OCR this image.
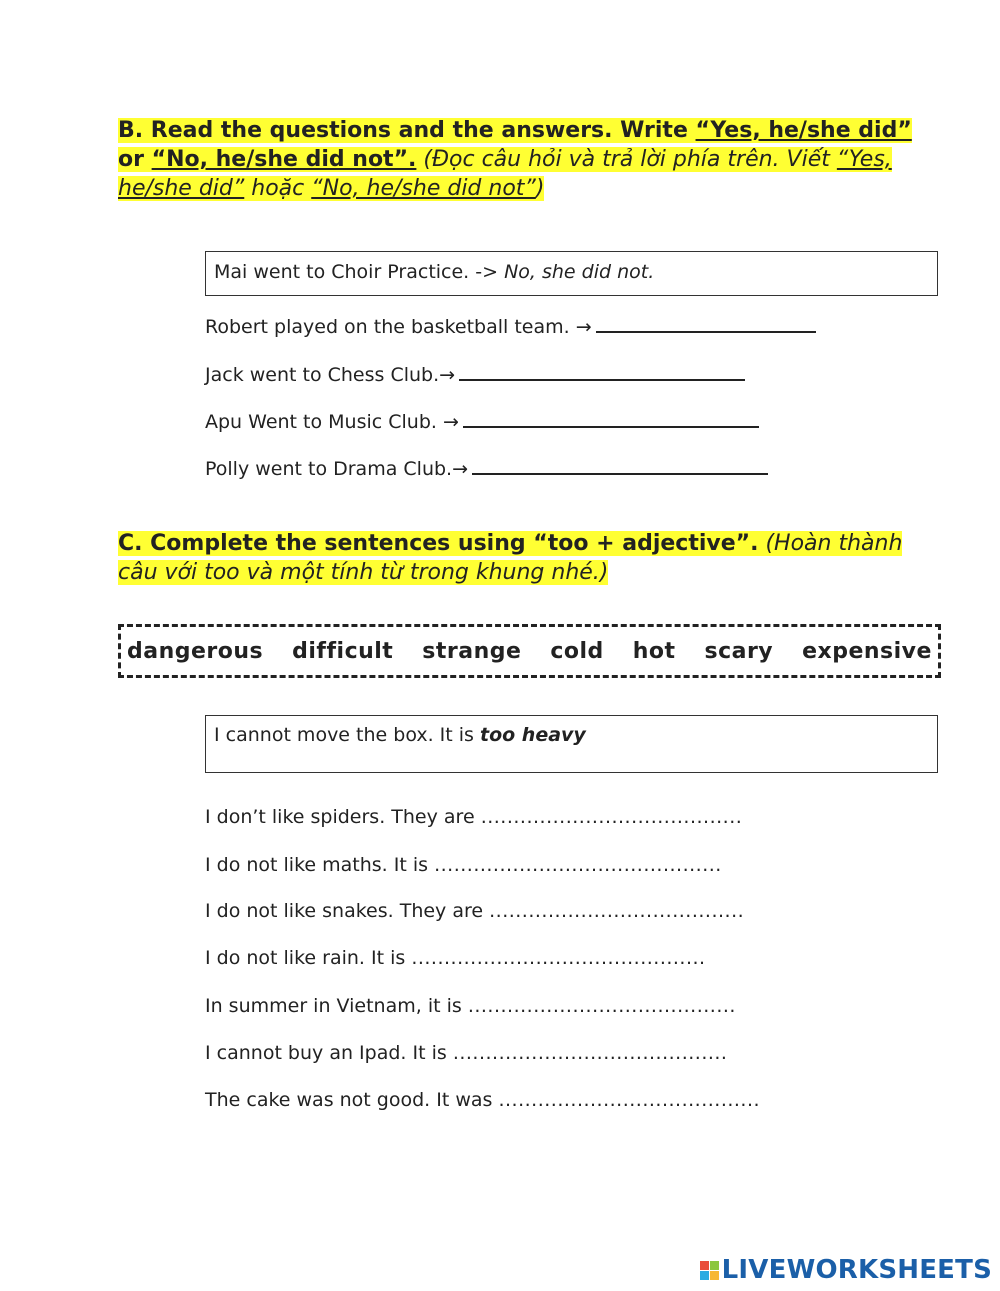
B. Read the questions and the answers. Write “Yes, he/she did” or “No, he/she did not”. (Đọc câu hỏi và trả lời phía trên. Viết “Yes, he/she did” hoặc “No, he/she did not”)
Mai went to Choir Practice. -> No, she did not.
Robert played on the basketball team. →
Jack went to Chess Club.→
Apu Went to Music Club. →
Polly went to Drama Club.→
C. Complete the sentences using “too + adjective”. (Hoàn thành câu với too và một tính từ trong khung nhé.)
dangerous difficult strange cold hot scary expensive
I cannot move the box. It is too heavy
I don’t like spiders. They are ........................................
I do not like maths. It is ............................................
I do not like snakes. They are .......................................
I do not like rain. It is .............................................
In summer in Vietnam, it is .........................................
I cannot buy an Ipad. It is ..........................................
The cake was not good. It was ........................................
LIVEWORKSHEETS
